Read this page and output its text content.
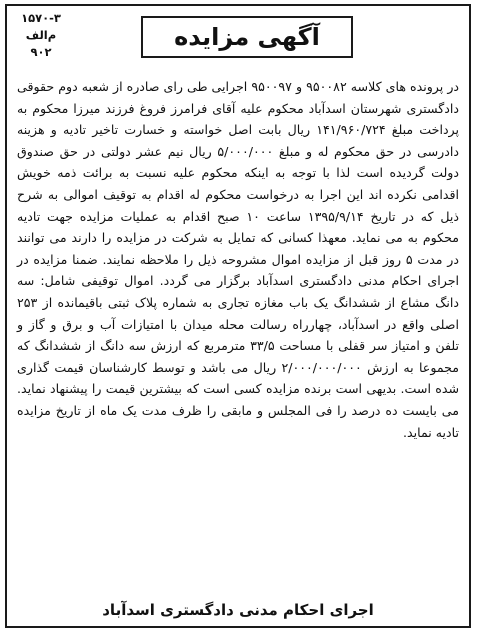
آگهی مزایده
۱۵۷۰-۳
م‌الف
۹۰۲

در پرونده های کلاسه ۹۵۰۰۸۲ و ۹۵۰۰۹۷ اجرایی طی رای صادره از شعبه دوم حقوقی دادگستری شهرستان اسدآباد محکوم علیه آقای فرامرز فروغ فرزند میرزا محکوم به پرداخت مبلغ ۱۴۱/۹۶۰/۷۲۴ ریال بابت اصل خواسته و خسارت تاخیر تادیه و هزینه دادرسی در حق محکوم له و مبلغ ۵/۰۰۰/۰۰۰ ریال نیم عشر دولتی در حق صندوق دولت گردیده است لذا با توجه به اینکه محکوم علیه نسبت به برائت ذمه خویش اقدامی نکرده اند این اجرا به درخواست محکوم له اقدام به توقیف اموالی به شرح ذیل که در تاریخ ۱۳۹۵/۹/۱۴ ساعت ۱۰ صبح اقدام به عملیات مزایده جهت تادیه محکوم به می نماید. معهذا کسانی که تمایل به شرکت در مزایده را دارند می توانند در مدت ۵ روز قبل از مزایده اموال مشروحه ذیل را ملاحظه نمایند. ضمنا مزایده در اجرای احکام مدنی دادگستری اسدآباد برگزار می گردد. اموال توقیفی شامل: سه دانگ مشاع از ششدانگ یک باب مغازه تجاری به شماره پلاک ثبتی باقیمانده از ۲۵۳ اصلی واقع در اسدآباد، چهارراه رسالت محله میدان با امتیازات آب و برق و گاز و تلفن و امتیاز سر قفلی با مساحت ۳۳/۵ مترمربع که ارزش سه دانگ از ششدانگ که مجموعا به ارزش ۲/۰۰۰/۰۰۰/۰۰۰ ریال می باشد و توسط کارشناسان قیمت گذاری شده است. بدیهی است برنده مزایده کسی است که بیشترین قیمت را پیشنهاد نماید. می بایست ده درصد را فی المجلس و مابقی را ظرف مدت یک ماه از تاریخ مزایده تادیه نماید.

اجرای احکام مدنی دادگستری اسدآباد
